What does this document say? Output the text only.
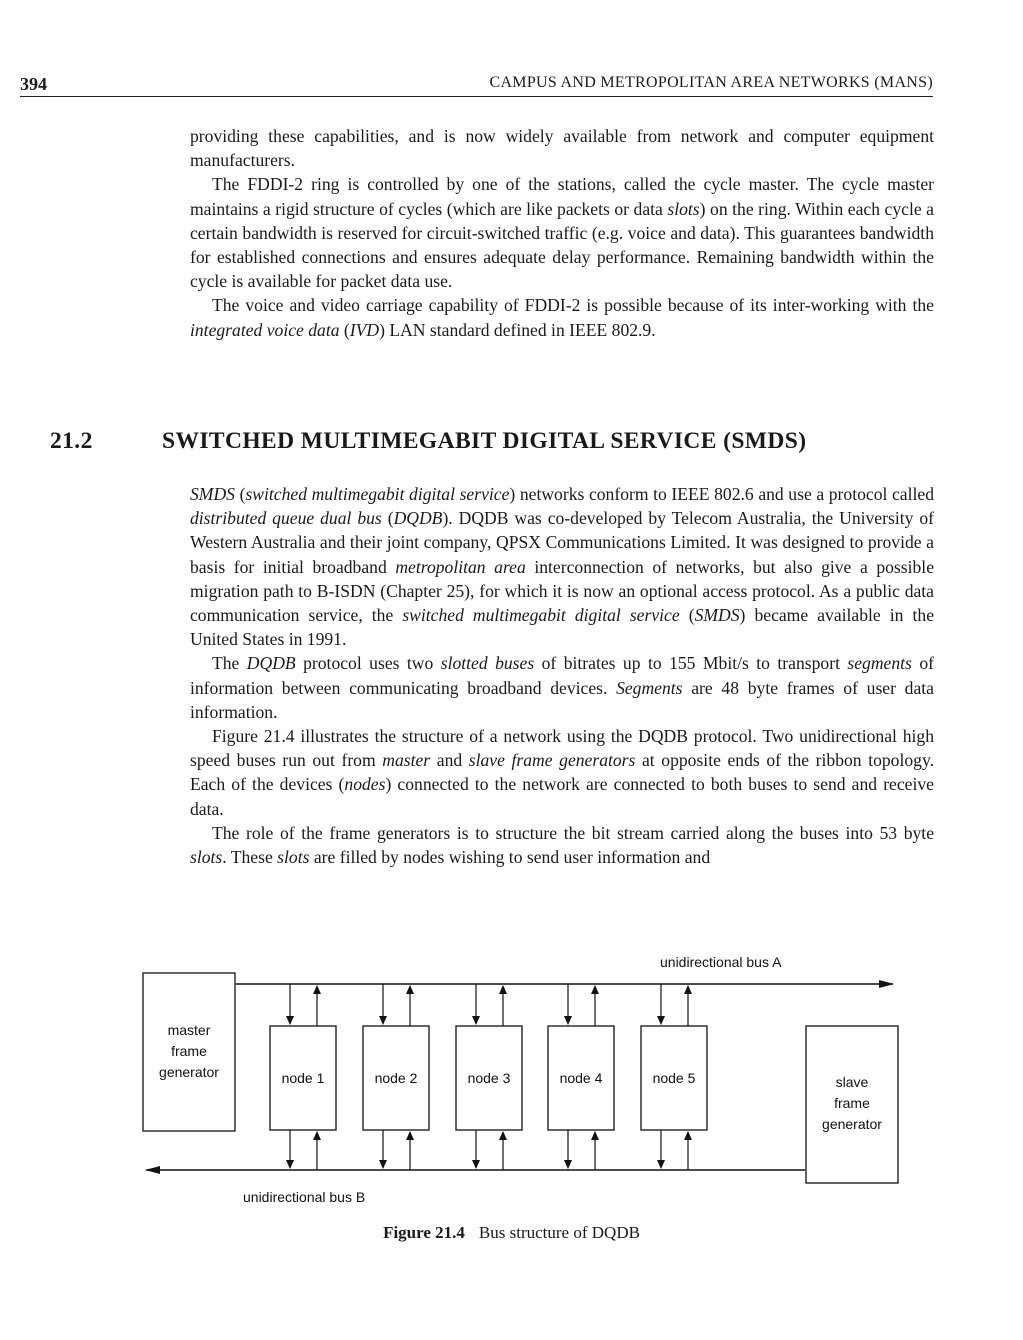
394	CAMPUS AND METROPOLITAN AREA NETWORKS (MANS)

providing these capabilities, and is now widely available from network and computer equipment manufacturers.

The FDDI-2 ring is controlled by one of the stations, called the cycle master. The cycle master maintains a rigid structure of cycles (which are like packets or data slots) on the ring. Within each cycle a certain bandwidth is reserved for circuit-switched traffic (e.g. voice and data). This guarantees bandwidth for established connections and ensures adequate delay performance. Remaining bandwidth within the cycle is available for packet data use.

The voice and video carriage capability of FDDI-2 is possible because of its inter-working with the integrated voice data (IVD) LAN standard defined in IEEE 802.9.

21.2	SWITCHED MULTIMEGABIT DIGITAL SERVICE (SMDS)

SMDS (switched multimegabit digital service) networks conform to IEEE 802.6 and use a protocol called distributed queue dual bus (DQDB). DQDB was co-developed by Telecom Australia, the University of Western Australia and their joint company, QPSX Communications Limited. It was designed to provide a basis for initial broadband metropolitan area interconnection of networks, but also give a possible migration path to B-ISDN (Chapter 25), for which it is now an optional access protocol. As a public data communication service, the switched multimegabit digital service (SMDS) became available in the United States in 1991.

The DQDB protocol uses two slotted buses of bitrates up to 155 Mbit/s to transport segments of information between communicating broadband devices. Segments are 48 byte frames of user data information.

Figure 21.4 illustrates the structure of a network using the DQDB protocol. Two unidirectional high speed buses run out from master and slave frame generators at opposite ends of the ribbon topology. Each of the devices (nodes) connected to the network are connected to both buses to send and receive data.

The role of the frame generators is to structure the bit stream carried along the buses into 53 byte slots. These slots are filled by nodes wishing to send user information and

unidirectional bus A
unidirectional bus B
master
frame
generator
slave
frame
generator
node 1	node 2	node 3	node 4	node 5
Figure 21.4 Bus structure of DQDB
